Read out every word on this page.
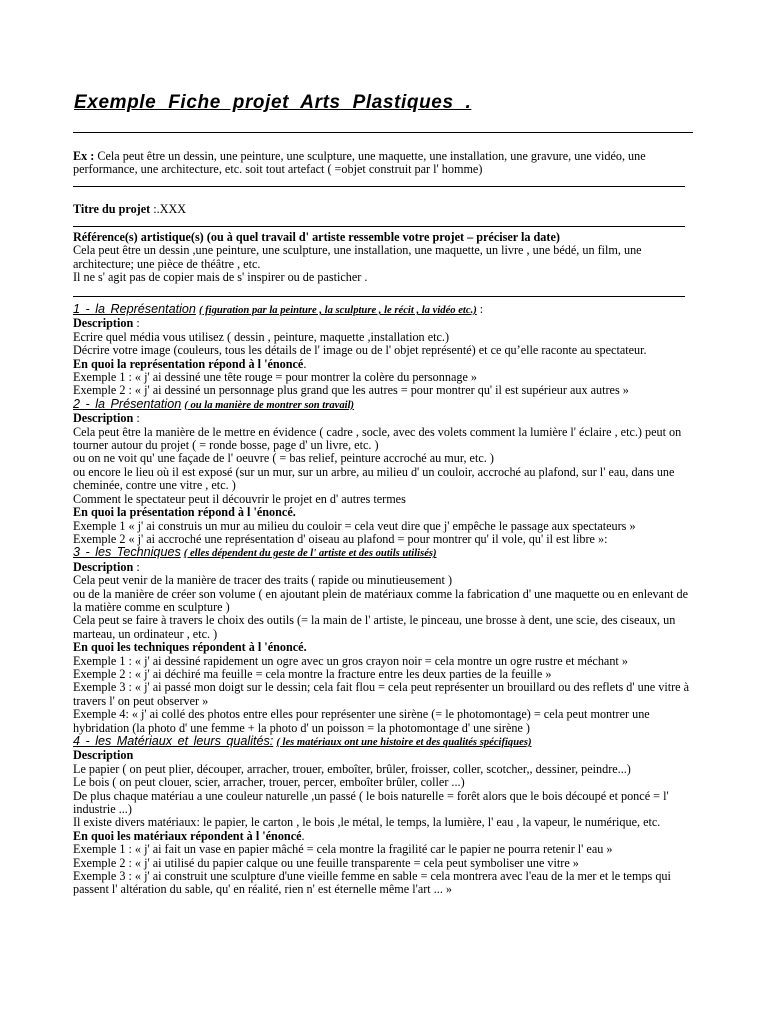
Exemple Fiche projet Arts Plastiques .

Ex : Cela peut être un dessin, une peinture, une sculpture, une maquette, une installation, une gravure, une vidéo, une performance, une architecture, etc. soit tout artefact ( =objet construit par l' homme)

Titre du projet :.XXX

Référence(s) artistique(s) (ou à quel travail d' artiste ressemble votre projet – préciser la date)

Cela peut être un dessin ,une peinture, une sculpture, une installation, une maquette, un livre , une bédé, un film, une architecture; une pièce de théâtre , etc.

Il ne s' agit pas de copier mais de s' inspirer ou de pasticher .

1 - la Représentation ( figuration par la peinture , la sculpture , le récit , la vidéo etc.) :

Description :

Ecrire quel média vous utilisez ( dessin , peinture, maquette ,installation etc.)

Décrire votre image (couleurs, tous les détails de l' image ou de l' objet représenté) et ce qu’elle raconte au spectateur.

En quoi la représentation répond à l 'énoncé.

Exemple 1 : « j' ai dessiné une tête rouge = pour montrer la colère du personnage »

Exemple 2 : « j' ai dessiné un personnage plus grand que les autres = pour montrer qu' il est supérieur aux autres »

2 - la Présentation ( ou la manière de montrer son travail)

Description :

Cela peut être la manière de le mettre en évidence ( cadre , socle, avec des volets comment la lumière l' éclaire , etc.) peut on tourner autour du projet ( = ronde bosse, page d' un livre, etc. )

ou on ne voit qu' une façade de l' oeuvre ( = bas relief, peinture accroché au mur, etc. )

ou encore le lieu où il est exposé (sur un mur, sur un arbre, au milieu d' un couloir, accroché au plafond, sur l' eau, dans une cheminée, contre une vitre , etc. )

Comment le spectateur peut il découvrir le projet en d' autres termes

En quoi la présentation répond à l 'énoncé.

Exemple 1 « j' ai construis un mur au milieu du couloir = cela veut dire que j' empêche le passage aux spectateurs »

Exemple 2 « j' ai accroché une représentation d' oiseau au plafond = pour montrer qu' il vole, qu' il est libre »:

3 - les Techniques ( elles dépendent du geste de l' artiste et des outils utilisés)

Description :

Cela peut venir de la manière de tracer des traits ( rapide ou minutieusement )

ou de la manière de créer son volume ( en ajoutant plein de matériaux comme la fabrication d' une maquette ou en enlevant de la matière comme en sculpture )

Cela peut se faire à travers le choix des outils (= la main de l' artiste, le pinceau, une brosse à dent, une scie, des ciseaux, un marteau, un ordinateur , etc. )

En quoi les techniques répondent à l 'énoncé.

Exemple 1 : « j' ai dessiné rapidement un ogre avec un gros crayon noir = cela montre un ogre rustre et méchant »

Exemple 2 : « j' ai déchiré ma feuille = cela montre la fracture entre les deux parties de la feuille »

Exemple 3 : « j' ai passé mon doigt sur le dessin; cela fait flou = cela peut représenter un brouillard ou des reflets d' une vitre à travers l' on peut observer »

Exemple 4: « j' ai collé des photos entre elles pour représenter une sirène (= le photomontage) = cela peut montrer une hybridation (la photo d' une femme + la photo d' un poisson = la photomontage d' une sirène )

4 - les Matériaux et leurs qualités: ( les matériaux ont une histoire et des qualités spécifiques)

Description

Le papier ( on peut plier, découper, arracher, trouer, emboîter, brûler, froisser, coller, scotcher,, dessiner, peindre...)

Le bois ( on peut clouer, scier, arracher, trouer, percer, emboîter brûler, coller ...)

De plus chaque matériau a une couleur naturelle ,un passé ( le bois naturelle = forêt alors que le bois découpé et poncé = l' industrie ...)

Il existe divers matériaux: le papier, le carton , le bois ,le métal, le temps, la lumière, l' eau , la vapeur, le numérique, etc.

En quoi les matériaux répondent à l 'énoncé.

Exemple 1 : « j' ai fait un vase en papier mâché = cela montre la fragilité car le papier ne pourra retenir l' eau »

Exemple 2 : « j' ai utilisé du papier calque ou une feuille transparente = cela peut symboliser une vitre »

Exemple 3 : « j' ai construit une sculpture d'une vieille femme en sable = cela montrera avec l'eau de la mer et le temps qui passent l' altération du sable, qu' en réalité, rien n' est éternelle même l'art ... »
